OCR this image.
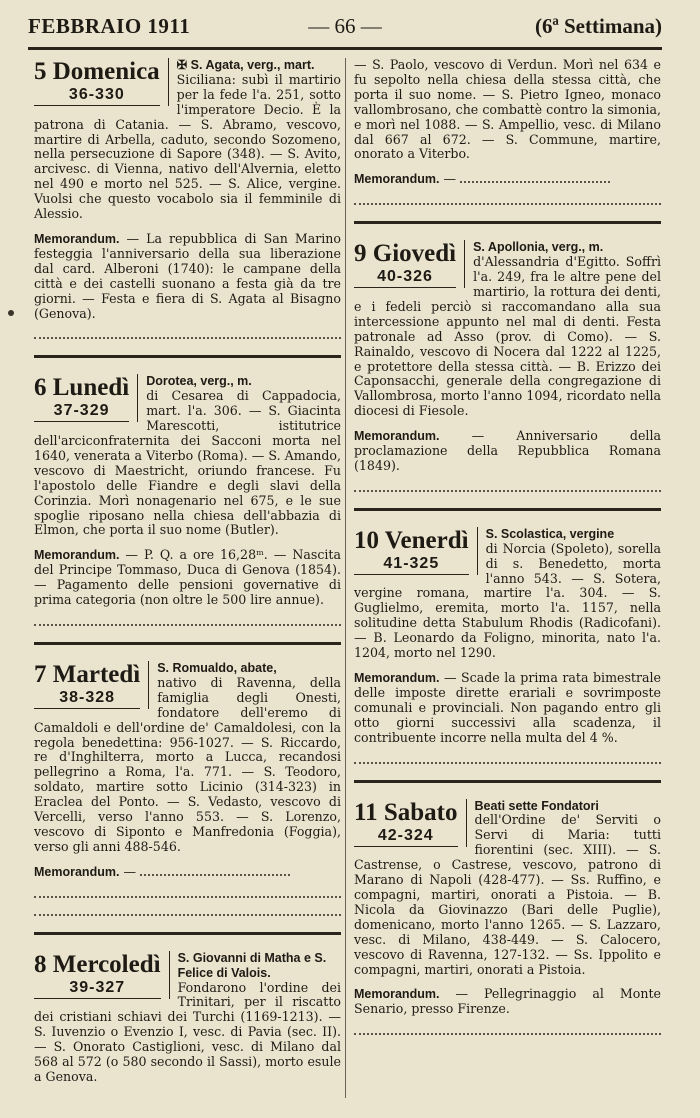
FEBBRAIO 1911	— 66 —	(6ª Settimana)
5 Domenica
36-330
✠ S. Agata, verg., mart.
Siciliana: subì il martirio per la fede l'a. 251, sotto l'imperatore Decio. È la patrona di Catania. — S. Abramo, vescovo, martire di Arbella, caduto, secondo Sozomeno, nella persecuzione di Sapore (348). — S. Avito, arcivesc. di Vienna, nativo dell'Alvernia, eletto nel 490 e morto nel 525. — S. Alice, vergine. Vuolsi che questo vocabolo sia il femminile di Alessio.
Memorandum. — La repubblica di San Marino festeggia l'anniversario della sua liberazione dal card. Alberoni (1740): le campane della città e dei castelli suonano a festa già da tre giorni. — Festa e fiera di S. Agata al Bisagno (Genova).
6 Lunedì
37-329
Dorotea, verg., m.
di Cesarea di Cappadocia, mart. l'a. 306. — S. Giacinta Marescotti, istitutrice dell'arciconfraternita dei Sacconi morta nel 1640, venerata a Viterbo (Roma). — S. Amando, vescovo di Maestricht, oriundo francese. Fu l'apostolo delle Fiandre e degli slavi della Corinzia. Morì nonagenario nel 675, e le sue spoglie riposano nella chiesa dell'abbazia di Elmon, che porta il suo nome (Butler).
Memorandum. — P. Q. a ore 16,28ᵐ. — Nascita del Principe Tommaso, Duca di Genova (1854). — Pagamento delle pensioni governative di prima categoria (non oltre le 500 lire annue).
7 Martedì
38-328
S. Romualdo, abate,
nativo di Ravenna, della famiglia degli Onesti, fondatore dell'eremo di Camaldoli e dell'ordine de' Camaldolesi, con la regola benedettina: 956-1027. — S. Riccardo, re d'Inghilterra, morto a Lucca, recandosi pellegrino a Roma, l'a. 771. — S. Teodoro, soldato, martire sotto Licinio (314-323) in Eraclea del Ponto. — S. Vedasto, vescovo di Vercelli, verso l'anno 553. — S. Lorenzo, vescovo di Siponto e Manfredonia (Foggia), verso gli anni 488-546.
Memorandum. —
8 Mercoledì
39-327
S. Giovanni di Matha e S. Felice di Valois.
Fondarono l'ordine dei Trinitari, per il riscatto dei cristiani schiavi dei Turchi (1169-1213). — S. Iuvenzio o Evenzio I, vesc. di Pavia (sec. II). — S. Onorato Castiglioni, vesc. di Milano dal 568 al 572 (o 580 secondo il Sassi), morto esule a Genova.
— S. Paolo, vescovo di Verdun. Morì nel 634 e fu sepolto nella chiesa della stessa città, che porta il suo nome. — S. Pietro Igneo, monaco vallombrosano, che combattè contro la simonia, e morì nel 1088. — S. Ampellio, vesc. di Milano dal 667 al 672. — S. Commune, martire, onorato a Viterbo.
Memorandum. —
9 Giovedì
40-326
S. Apollonia, verg., m.
d'Alessandria d'Egitto. Soffrì l'a. 249, fra le altre pene del martirio, la rottura dei denti, e i fedeli perciò si raccomandano alla sua intercessione appunto nel mal di denti. Festa patronale ad Asso (prov. di Como). — S. Rainaldo, vescovo di Nocera dal 1222 al 1225, e protettore della stessa città. — B. Erizzo dei Caponsacchi, generale della congregazione di Vallombrosa, morto l'anno 1094, ricordato nella diocesi di Fiesole.
Memorandum.	— Anniversario della proclamazione della Repubblica Romana (1849).
10 Venerdì
41-325
S. Scolastica, vergine
di Norcia (Spoleto), sorella di s. Benedetto, morta l'anno 543. — S. Sotera, vergine romana, martire l'a. 304. — S. Guglielmo, eremita, morto l'a. 1157, nella solitudine detta Stabulum Rhodis (Radicofani). — B. Leonardo da Foligno, minorita, nato l'a. 1204, morto nel 1290.
Memorandum. — Scade la prima rata bimestrale delle imposte dirette erariali e sovrimposte comunali e provinciali. Non pagando entro gli otto giorni successivi alla scadenza, il contribuente incorre nella multa del 4 %.
11 Sabato
42-324
Beati sette Fondatori
dell'Ordine de' Serviti o Servi di Maria: tutti fiorentini (sec. XIII). — S. Castrense, o Castrese, vescovo, patrono di Marano di Napoli (428-477). — Ss. Ruffino, e compagni, martiri, onorati a Pistoia. — B. Nicola da Giovinazzo (Bari delle Puglie), domenicano, morto l'anno 1265. — S. Lazzaro, vesc. di Milano, 438-449. — S. Calocero, vescovo di Ravenna, 127-132. — Ss. Ippolito e compagni, martiri, onorati a Pistoia.
Memorandum. — Pellegrinaggio al Monte Senario, presso Firenze.
